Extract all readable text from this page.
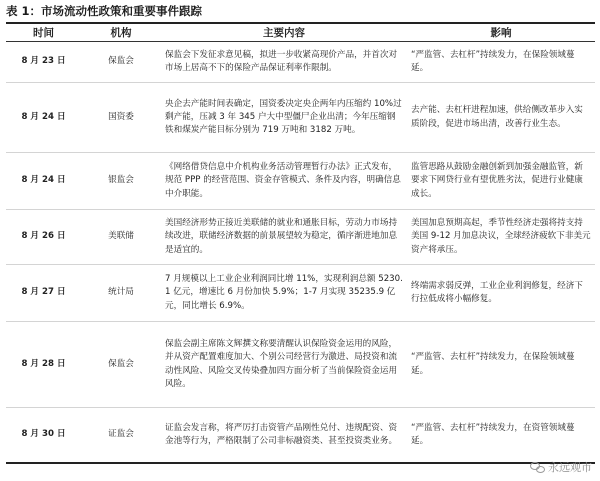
表 1：市场流动性政策和重要事件跟踪
时间	机构	主要内容	影响
8 月 23 日	保监会	保监会下发征求意见稿，拟进一步收紧高现价产品，并首次对市场上居高不下的保险产品保证利率作限制。	“严监管、去杠杆”持续发力，在保险领域蔓延。
8 月 24 日	国资委	央企去产能时间表确定，国资委决定央企两年内压缩约 10%过剩产能，压减 3 年 345 户大中型僵尸企业出清；今年压缩钢铁和煤炭产能目标分别为 719 万吨和 3182 万吨。	去产能、去杠杆进程加速，供给侧改革步入实质阶段，促进市场出清，改善行业生态。
8 月 24 日	银监会	《网络借贷信息中介机构业务活动管理暂行办法》正式发布，规范 PPP 的经营范围、资金存管模式、条件及内容，明确信息中介职能。	监管思路从鼓励金融创新到加强金融监管，新要求下网贷行业有望优胜劣汰，促进行业健康成长。
8 月 26 日	美联储	美国经济形势正接近美联储的就业和通胀目标，劳动力市场持续改进，联储经济数据的前景展望较为稳定，循序渐进地加息是适宜的。	美国加息预期高起，季节性经济走强将持支持美国 9-12 月加息决议，全球经济疲软下非美元资产将承压。
8 月 27 日	统计局	7 月规模以上工业企业利润同比增 11%，实现利润总额 5230.1 亿元，增速比 6 月份加快 5.9%；1-7 月实现 35235.9 亿元，同比增长 6.9%。	终端需求弱反弹，工业企业利润修复，经济下行拉低成将小幅修复。
8 月 28 日	保监会	保监会副主席陈文辉撰文称要清醒认识保险资金运用的风险，并从资产配置难度加大、个别公司经营行为激进、局投资和流动性风险、风险交叉传染叠加四方面分析了当前保险资金运用风险。	“严监管、去杠杆”持续发力，在保险领域蔓延。
8 月 30 日	证监会	证监会发言称，将严厉打击资管产品刚性兑付、违规配资、资金池等行为，严格限制了公司非标融资类、甚至投资类业务。	“严监管、去杠杆”持续发力，在资管领域蔓延。
永远观市
